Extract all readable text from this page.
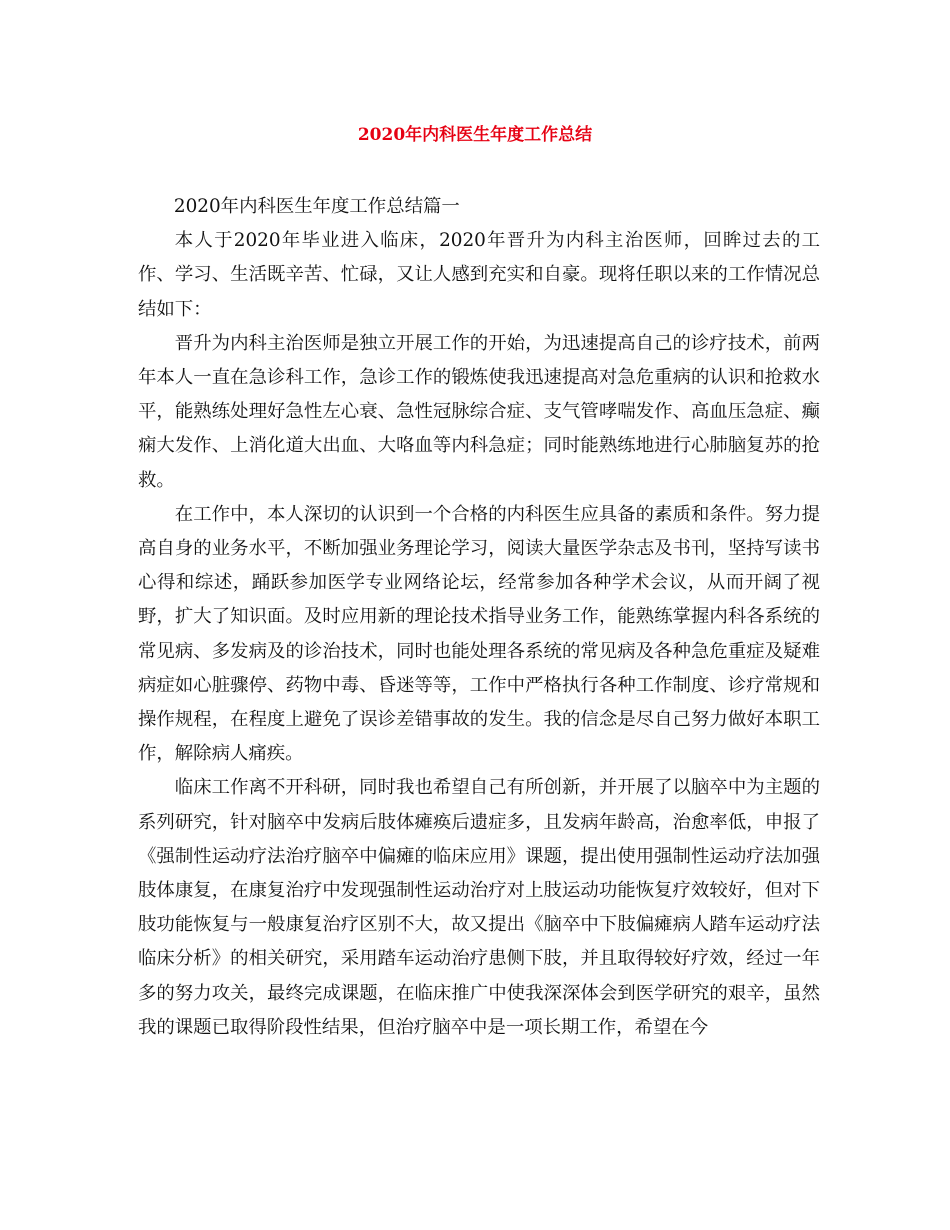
2020年内科医生年度工作总结

2020年内科医生年度工作总结篇一

本人于2020年毕业进入临床，2020年晋升为内科主治医师，回眸过去的工作、学习、生活既辛苦、忙碌，又让人感到充实和自豪。现将任职以来的工作情况总结如下：

晋升为内科主治医师是独立开展工作的开始，为迅速提高自己的诊疗技术，前两年本人一直在急诊科工作，急诊工作的锻炼使我迅速提高对急危重病的认识和抢救水平，能熟练处理好急性左心衰、急性冠脉综合症、支气管哮喘发作、高血压急症、癫痫大发作、上消化道大出血、大咯血等内科急症；同时能熟练地进行心肺脑复苏的抢救。

在工作中，本人深切的认识到一个合格的内科医生应具备的素质和条件。努力提高自身的业务水平，不断加强业务理论学习，阅读大量医学杂志及书刊，坚持写读书心得和综述，踊跃参加医学专业网络论坛，经常参加各种学术会议，从而开阔了视野，扩大了知识面。及时应用新的理论技术指导业务工作，能熟练掌握内科各系统的常见病、多发病及的诊治技术，同时也能处理各系统的常见病及各种急危重症及疑难病症如心脏骤停、药物中毒、昏迷等等，工作中严格执行各种工作制度、诊疗常规和操作规程，在程度上避免了误诊差错事故的发生。我的信念是尽自己努力做好本职工作，解除病人痛疾。

临床工作离不开科研，同时我也希望自己有所创新，并开展了以脑卒中为主题的系列研究，针对脑卒中发病后肢体瘫痪后遗症多，且发病年龄高，治愈率低，申报了《强制性运动疗法治疗脑卒中偏瘫的临床应用》课题，提出使用强制性运动疗法加强肢体康复，在康复治疗中发现强制性运动治疗对上肢运动功能恢复疗效较好，但对下肢功能恢复与一般康复治疗区别不大，故又提出《脑卒中下肢偏瘫病人踏车运动疗法临床分析》的相关研究，采用踏车运动治疗患侧下肢，并且取得较好疗效，经过一年多的努力攻关，最终完成课题，在临床推广中使我深深体会到医学研究的艰辛，虽然我的课题已取得阶段性结果，但治疗脑卒中是一项长期工作，希望在今
